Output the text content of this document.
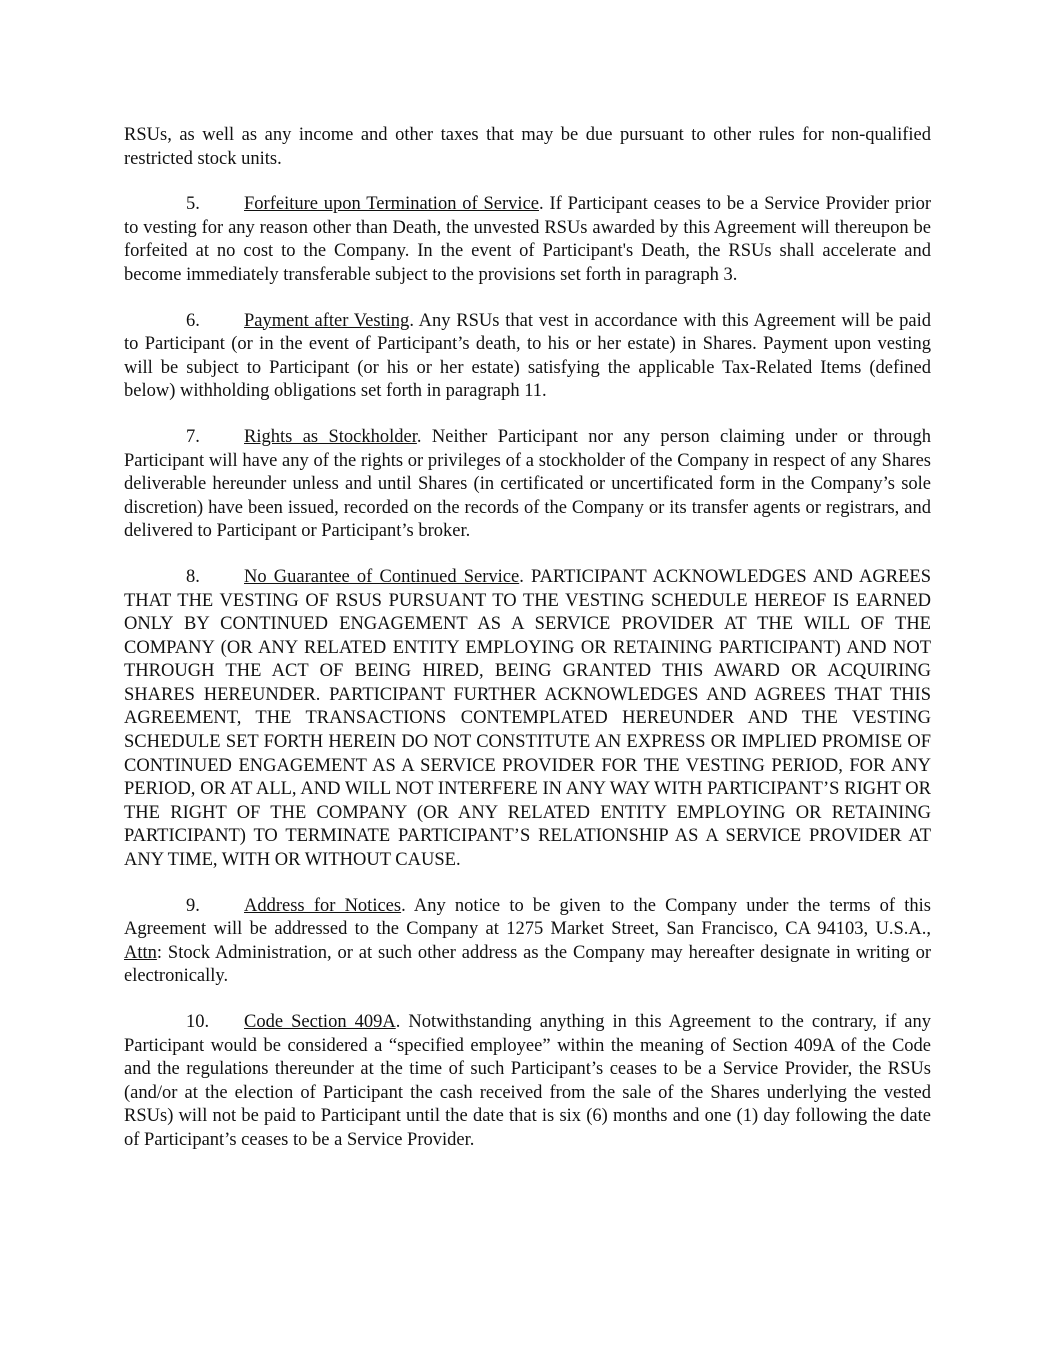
RSUs, as well as any income and other taxes that may be due pursuant to other rules for non-qualified restricted stock units.

5. Forfeiture upon Termination of Service. If Participant ceases to be a Service Provider prior to vesting for any reason other than Death, the unvested RSUs awarded by this Agreement will thereupon be forfeited at no cost to the Company. In the event of Participant's Death, the RSUs shall accelerate and become immediately transferable subject to the provisions set forth in paragraph 3.

6. Payment after Vesting. Any RSUs that vest in accordance with this Agreement will be paid to Participant (or in the event of Participant’s death, to his or her estate) in Shares. Payment upon vesting will be subject to Participant (or his or her estate) satisfying the applicable Tax-Related Items (defined below) withholding obligations set forth in paragraph 11.

7. Rights as Stockholder. Neither Participant nor any person claiming under or through Participant will have any of the rights or privileges of a stockholder of the Company in respect of any Shares deliverable hereunder unless and until Shares (in certificated or uncertificated form in the Company’s sole discretion) have been issued, recorded on the records of the Company or its transfer agents or registrars, and delivered to Participant or Participant’s broker.

8. No Guarantee of Continued Service. PARTICIPANT ACKNOWLEDGES AND AGREES THAT THE VESTING OF RSUS PURSUANT TO THE VESTING SCHEDULE HEREOF IS EARNED ONLY BY CONTINUED ENGAGEMENT AS A SERVICE PROVIDER AT THE WILL OF THE COMPANY (OR ANY RELATED ENTITY EMPLOYING OR RETAINING PARTICIPANT) AND NOT THROUGH THE ACT OF BEING HIRED, BEING GRANTED THIS AWARD OR ACQUIRING SHARES HEREUNDER. PARTICIPANT FURTHER ACKNOWLEDGES AND AGREES THAT THIS AGREEMENT, THE TRANSACTIONS CONTEMPLATED HEREUNDER AND THE VESTING SCHEDULE SET FORTH HEREIN DO NOT CONSTITUTE AN EXPRESS OR IMPLIED PROMISE OF CONTINUED ENGAGEMENT AS A SERVICE PROVIDER FOR THE VESTING PERIOD, FOR ANY PERIOD, OR AT ALL, AND WILL NOT INTERFERE IN ANY WAY WITH PARTICIPANT’S RIGHT OR THE RIGHT OF THE COMPANY (OR ANY RELATED ENTITY EMPLOYING OR RETAINING PARTICIPANT) TO TERMINATE PARTICIPANT’S RELATIONSHIP AS A SERVICE PROVIDER AT ANY TIME, WITH OR WITHOUT CAUSE.

9. Address for Notices. Any notice to be given to the Company under the terms of this Agreement will be addressed to the Company at 1275 Market Street, San Francisco, CA 94103, U.S.A., Attn: Stock Administration, or at such other address as the Company may hereafter designate in writing or electronically.

10. Code Section 409A. Notwithstanding anything in this Agreement to the contrary, if any Participant would be considered a “specified employee” within the meaning of Section 409A of the Code and the regulations thereunder at the time of such Participant’s ceases to be a Service Provider, the RSUs (and/or at the election of Participant the cash received from the sale of the Shares underlying the vested RSUs) will not be paid to Participant until the date that is six (6) months and one (1) day following the date of Participant’s ceases to be a Service Provider.
